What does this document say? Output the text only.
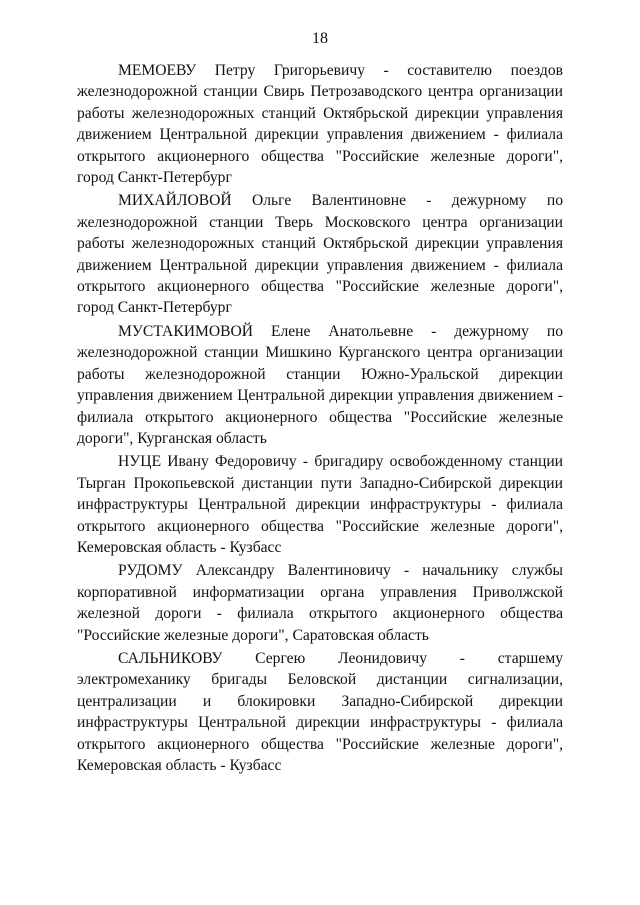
18

МЕМОЕВУ Петру Григорьевичу - составителю поездов железнодорожной станции Свирь Петрозаводского центра организации работы железнодорожных станций Октябрьской дирекции управления движением Центральной дирекции управления движением - филиала открытого акционерного общества "Российские железные дороги", город Санкт-Петербург

МИХАЙЛОВОЙ Ольге Валентиновне - дежурному по железнодорожной станции Тверь Московского центра организации работы железнодорожных станций Октябрьской дирекции управления движением Центральной дирекции управления движением - филиала открытого акционерного общества "Российские железные дороги", город Санкт-Петербург

МУСТАКИМОВОЙ Елене Анатольевне - дежурному по железнодорожной станции Мишкино Курганского центра организации работы железнодорожной станции Южно-Уральской дирекции управления движением Центральной дирекции управления движением - филиала открытого акционерного общества "Российские железные дороги", Курганская область

НУЦЕ Ивану Федоровичу - бригадиру освобожденному станции Тырган Прокопьевской дистанции пути Западно-Сибирской дирекции инфраструктуры Центральной дирекции инфраструктуры - филиала открытого акционерного общества "Российские железные дороги", Кемеровская область - Кузбасс

РУДОМУ Александру Валентиновичу - начальнику службы корпоративной информатизации органа управления Приволжской железной дороги - филиала открытого акционерного общества "Российские железные дороги", Саратовская область

САЛЬНИКОВУ Сергею Леонидовичу - старшему электромеханику бригады Беловской дистанции сигнализации, централизации и блокировки Западно-Сибирской дирекции инфраструктуры Центральной дирекции инфраструктуры - филиала открытого акционерного общества "Российские железные дороги", Кемеровская область - Кузбасс
